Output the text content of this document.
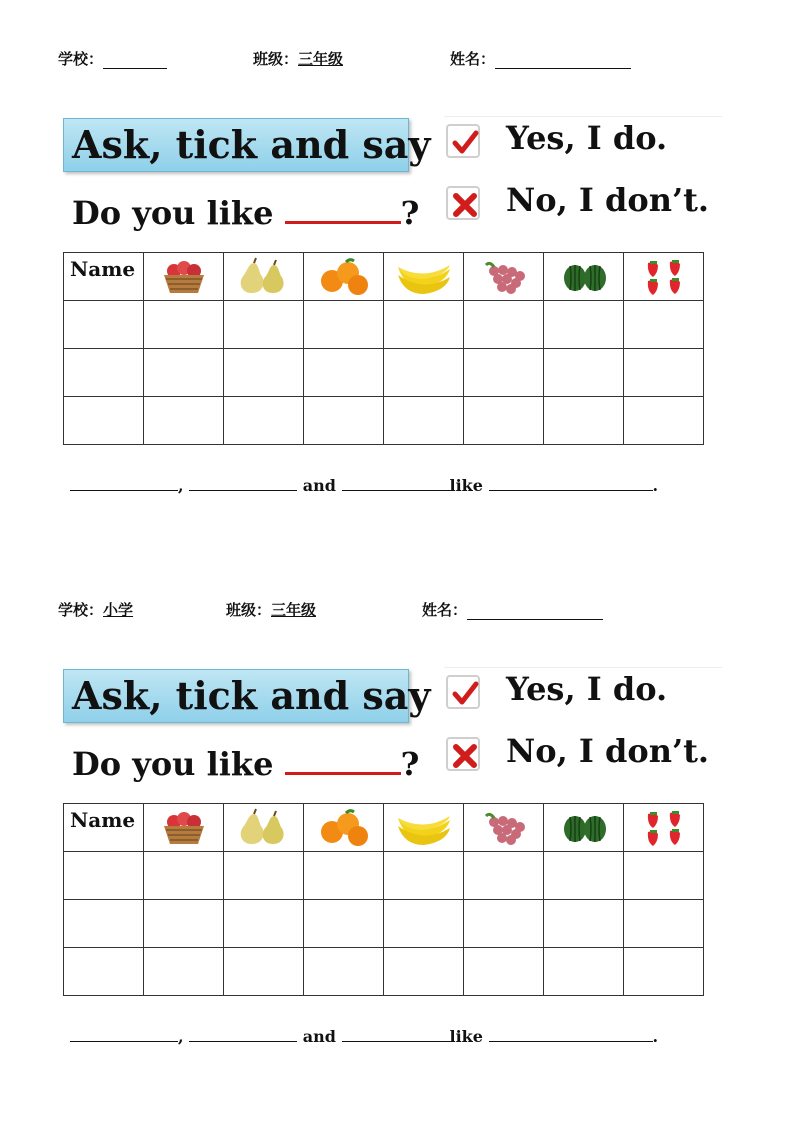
学校：	班级：三年级	姓名：
Ask, tick and say
Do you like	?
Yes, I do.
No, I don’t.
Name	

,	and	like	.
学校：小学	班级：三年级	姓名：
Ask, tick and say
Do you like	?
Yes, I do.
No, I don’t.
Name	

,	and	like	.
